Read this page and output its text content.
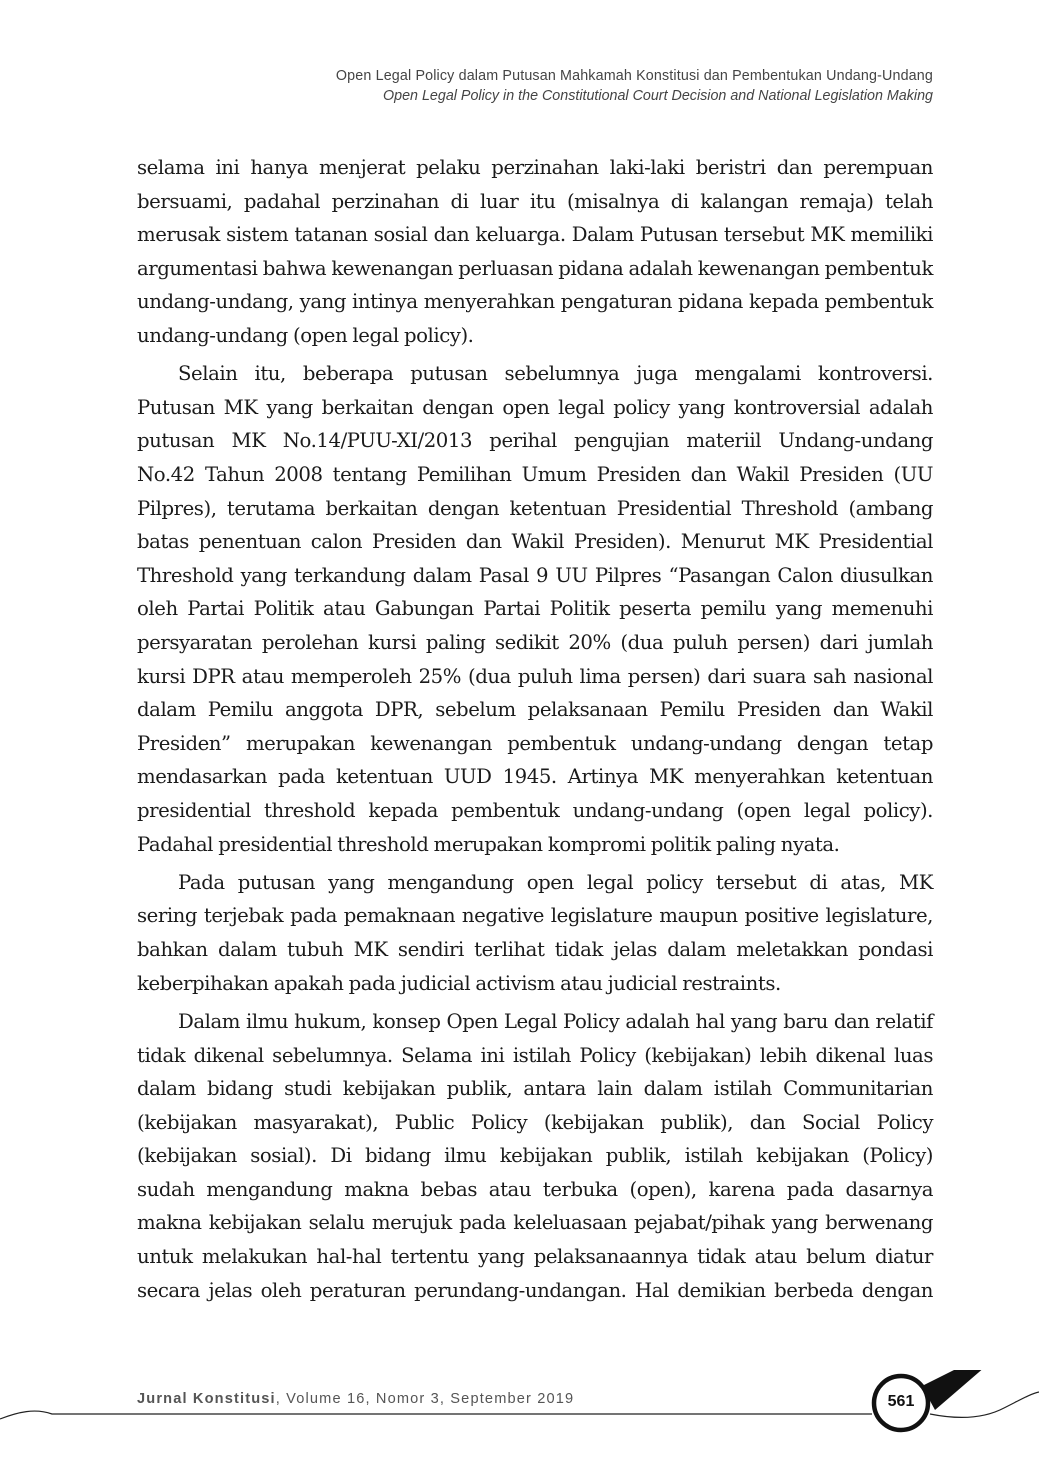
Open Legal Policy dalam Putusan Mahkamah Konstitusi dan Pembentukan Undang-Undang
Open Legal Policy in the Constitutional Court Decision and National Legislation Making
selama ini hanya menjerat pelaku perzinahan laki-laki beristri dan perempuan
bersuami, padahal perzinahan di luar itu (misalnya di kalangan remaja) telah
merusak sistem tatanan sosial dan keluarga. Dalam Putusan tersebut MK memiliki
argumentasi bahwa kewenangan perluasan pidana adalah kewenangan pembentuk
undang-undang, yang intinya menyerahkan pengaturan pidana kepada pembentuk
undang-undang (open legal policy).
Selain itu, beberapa putusan sebelumnya juga mengalami kontroversi.
Putusan MK yang berkaitan dengan open legal policy yang kontroversial adalah
putusan MK No.14/PUU-XI/2013 perihal pengujian materiil Undang-undang
No.42 Tahun 2008 tentang Pemilihan Umum Presiden dan Wakil Presiden (UU
Pilpres), terutama berkaitan dengan ketentuan Presidential Threshold (ambang
batas penentuan calon Presiden dan Wakil Presiden). Menurut MK Presidential
Threshold yang terkandung dalam Pasal 9 UU Pilpres “Pasangan Calon diusulkan
oleh Partai Politik atau Gabungan Partai Politik peserta pemilu yang memenuhi
persyaratan perolehan kursi paling sedikit 20% (dua puluh persen) dari jumlah
kursi DPR atau memperoleh 25% (dua puluh lima persen) dari suara sah nasional
dalam Pemilu anggota DPR, sebelum pelaksanaan Pemilu Presiden dan Wakil
Presiden” merupakan kewenangan pembentuk undang-undang dengan tetap
mendasarkan pada ketentuan UUD 1945. Artinya MK menyerahkan ketentuan
presidential threshold kepada pembentuk undang-undang (open legal policy).
Padahal presidential threshold merupakan kompromi politik paling nyata.
Pada putusan yang mengandung open legal policy tersebut di atas, MK
sering terjebak pada pemaknaan negative legislature maupun positive legislature,
bahkan dalam tubuh MK sendiri terlihat tidak jelas dalam meletakkan pondasi
keberpihakan apakah pada judicial activism atau judicial restraints.
Dalam ilmu hukum, konsep Open Legal Policy adalah hal yang baru dan relatif
tidak dikenal sebelumnya. Selama ini istilah Policy (kebijakan) lebih dikenal luas
dalam bidang studi kebijakan publik, antara lain dalam istilah Communitarian
(kebijakan masyarakat), Public Policy (kebijakan publik), dan Social Policy
(kebijakan sosial). Di bidang ilmu kebijakan publik, istilah kebijakan (Policy)
sudah mengandung makna bebas atau terbuka (open), karena pada dasarnya
makna kebijakan selalu merujuk pada keleluasaan pejabat/pihak yang berwenang
untuk melakukan hal-hal tertentu yang pelaksanaannya tidak atau belum diatur
secara jelas oleh peraturan perundang-undangan. Hal demikian berbeda dengan
Jurnal Konstitusi, Volume 16, Nomor 3, September 2019	561
